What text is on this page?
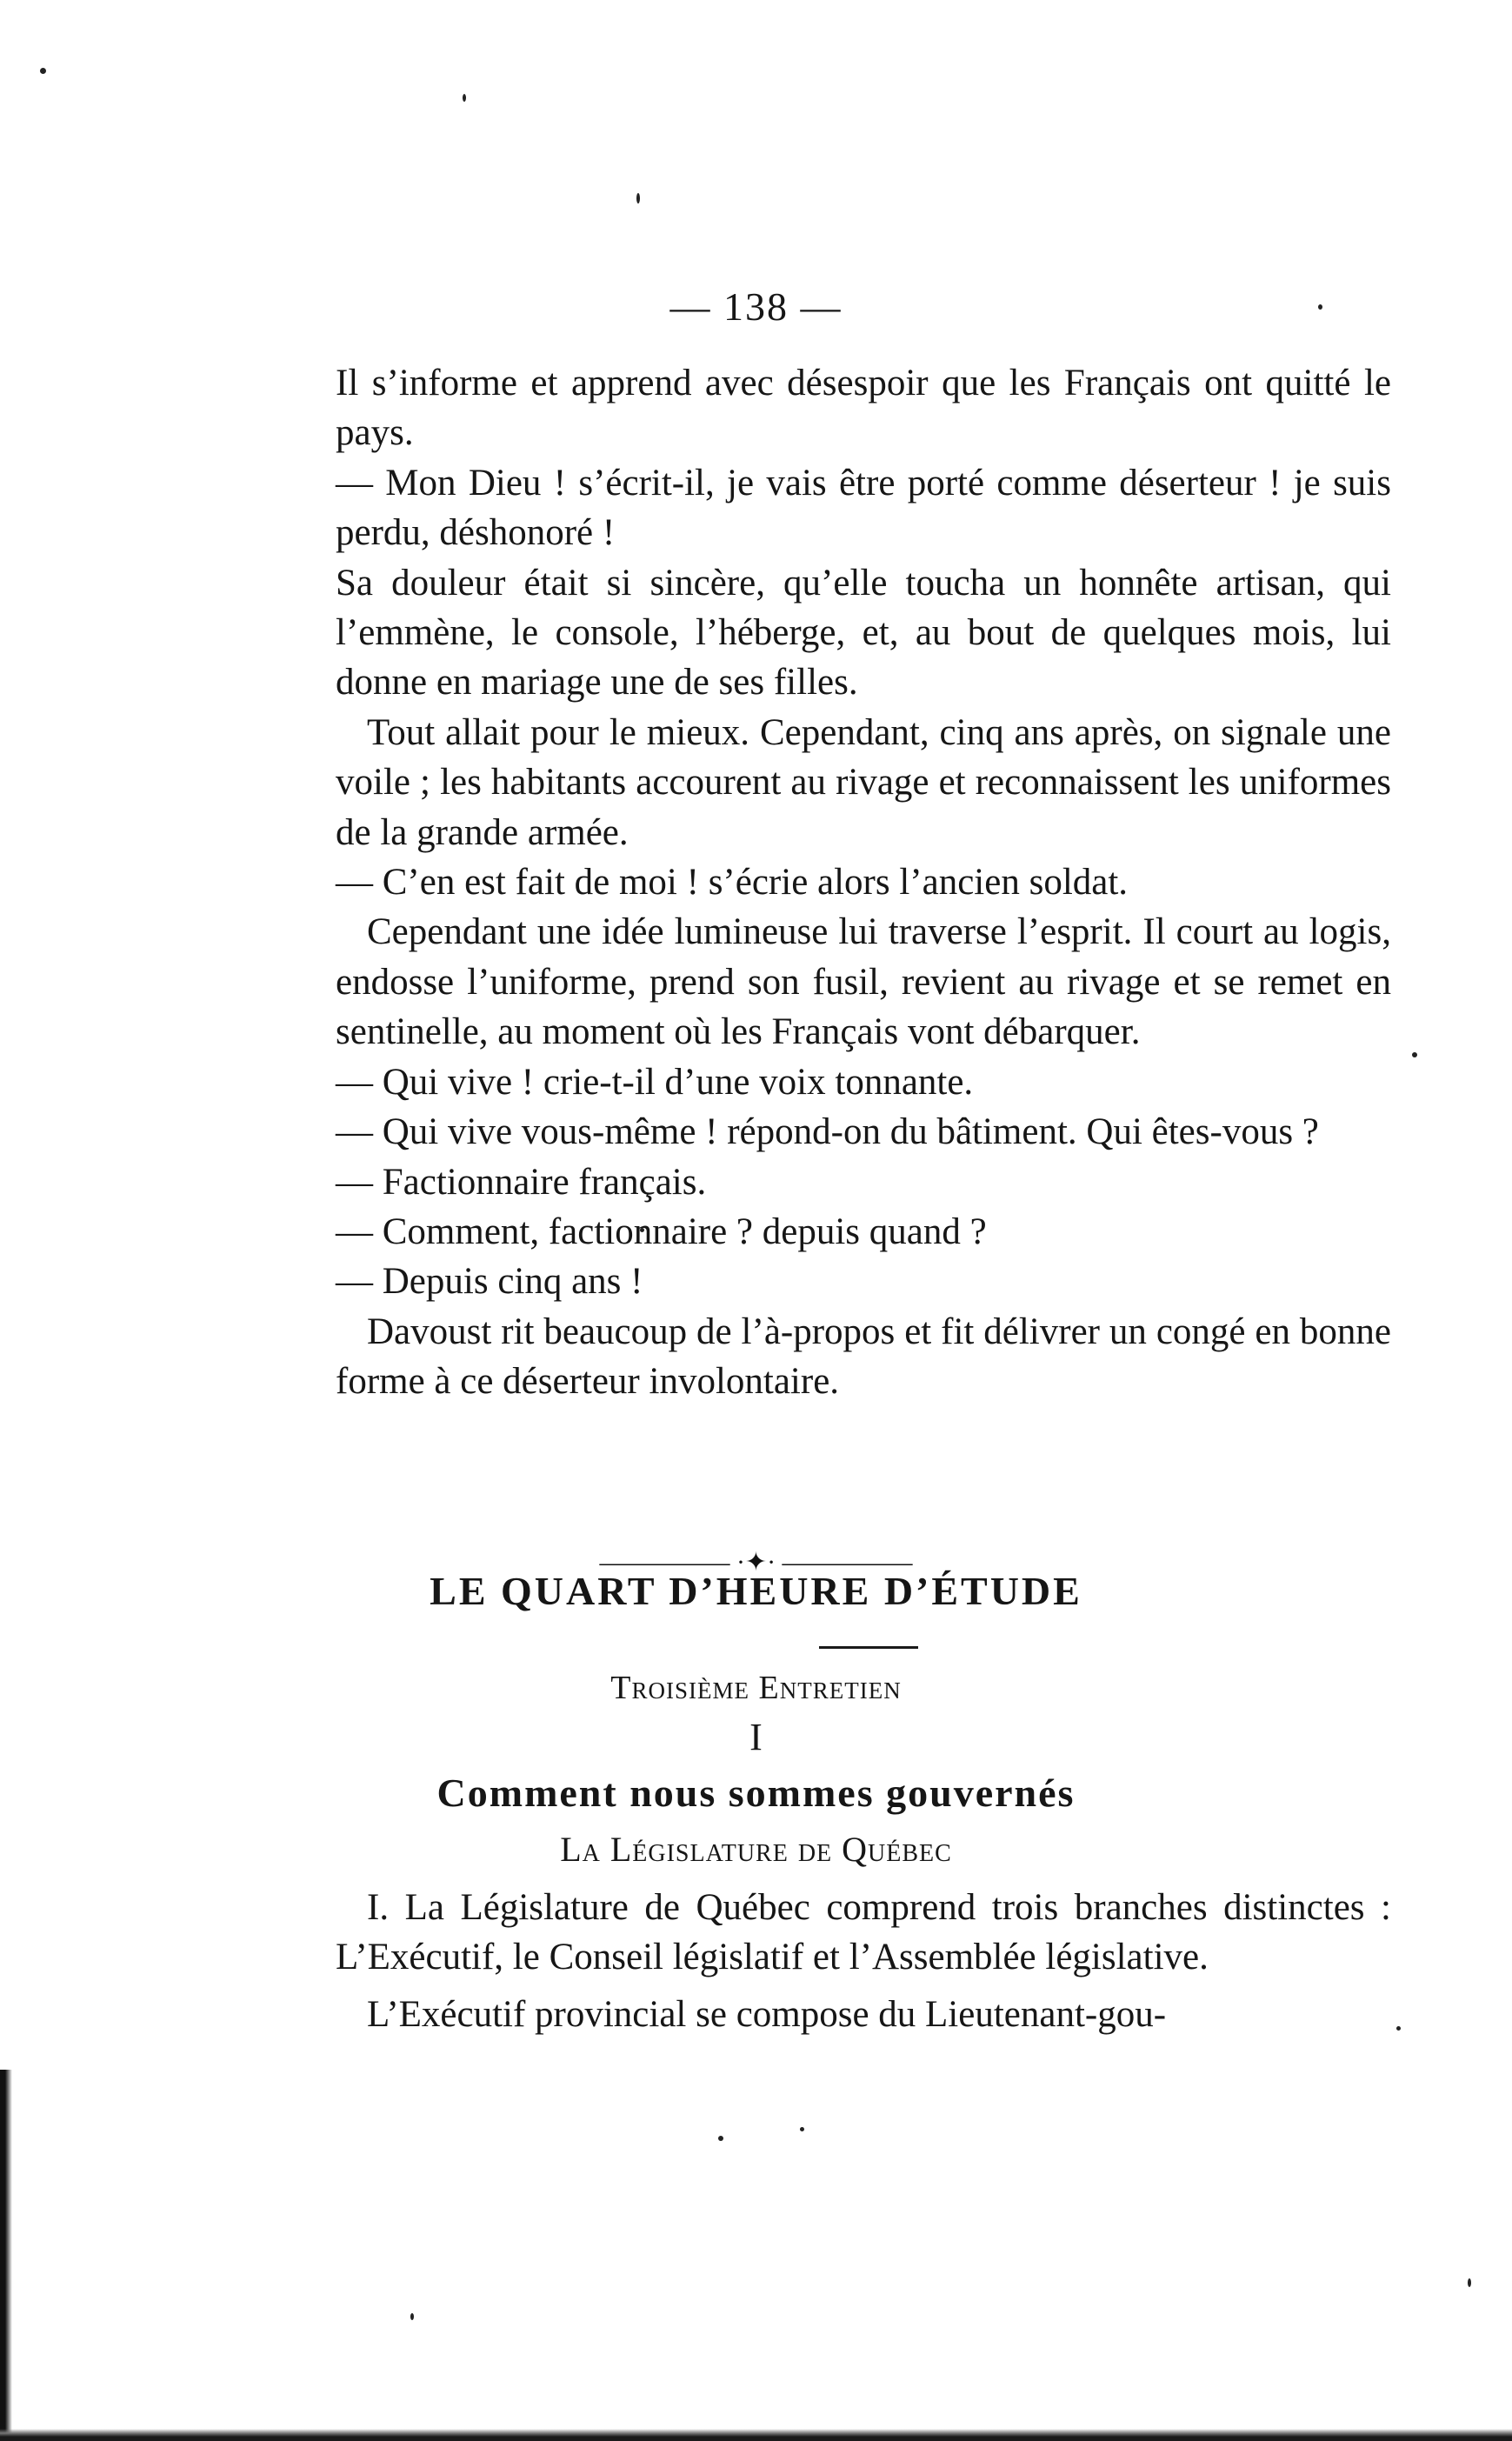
— 138 —

Il s’informe et apprend avec désespoir que les Français ont quitté le pays.

— Mon Dieu ! s’écrit-il, je vais être porté comme déserteur ! je suis perdu, déshonoré !

Sa douleur était si sincère, qu’elle toucha un honnête artisan, qui l’emmène, le console, l’héberge, et, au bout de quelques mois, lui donne en mariage une de ses filles.

Tout allait pour le mieux. Cependant, cinq ans après, on signale une voile ; les habitants accourent au rivage et reconnaissent les uniformes de la grande armée.

— C’en est fait de moi ! s’écrie alors l’ancien soldat.

Cependant une idée lumineuse lui traverse l’esprit. Il court au logis, endosse l’uniforme, prend son fusil, revient au rivage et se remet en sentinelle, au moment où les Français vont débarquer.

— Qui vive ! crie-t-il d’une voix tonnante.

— Qui vive vous-même ! répond-on du bâtiment. Qui êtes-vous ?

— Factionnaire français.

— Comment, factionnaire ? depuis quand ?

— Depuis cinq ans !

Davoust rit beaucoup de l’à-propos et fit délivrer un congé en bonne forme à ce déserteur involontaire.

————— ·✦· —————
LE QUART D’HEURE D’ÉTUDE
Troisième Entretien
I
Comment nous sommes gouvernés
La Législature de Québec

I. La Législature de Québec comprend trois branches distinctes : L’Exécutif, le Conseil législatif et l’Assemblée législative.

L’Exécutif provincial se compose du Lieutenant-gou-
